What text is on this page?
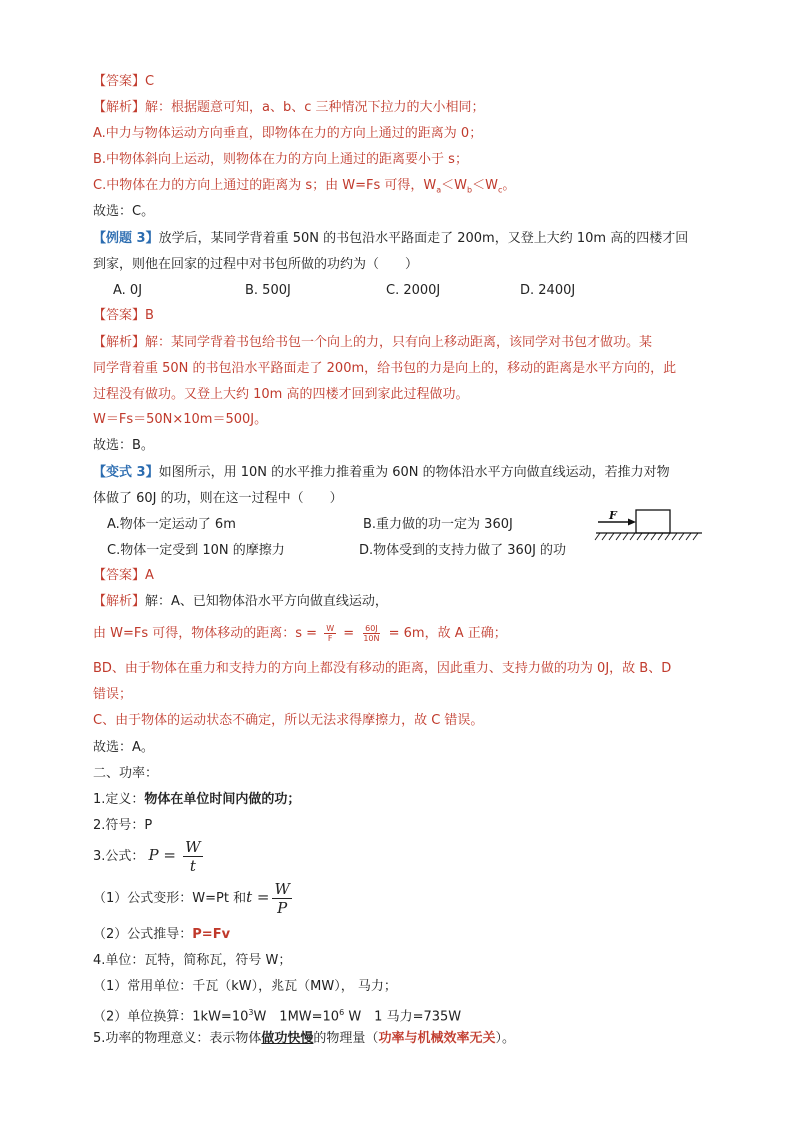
【答案】C
【解析】解：根据题意可知，a、b、c 三种情况下拉力的大小相同；
A.中力与物体运动方向垂直，即物体在力的方向上通过的距离为 0；
B.中物体斜向上运动，则物体在力的方向上通过的距离要小于 s；
C.中物体在力的方向上通过的距离为 s；由 W=Fs 可得，$W_a<W_b<W_c$。
故选：C。
【例题 3】放学后，某同学背着重 50N 的书包沿水平路面走了 200m，又登上大约 10m 高的四楼才回
到家，则他在回家的过程中对书包所做的功约为（　　）
A. 0J	B. 500J	C. 2000J	D. 2400J
【答案】B
【解析】解：某同学背着书包给书包一个向上的力，只有向上移动距离，该同学对书包才做功。某
同学背着重 50N 的书包沿水平路面走了 200m，给书包的力是向上的，移动的距离是水平方向的，此
过程没有做功。又登上大约 10m 高的四楼才回到家此过程做功。
W＝Fs＝50N×10m＝500J。
故选：B。
【变式 3】如图所示，用 10N 的水平推力推着重为 60N 的物体沿水平方向做直线运动，若推力对物
体做了 60J 的功，则在这一过程中（　　）
A.物体一定运动了 6m	B.重力做的功一定为 360J
C.物体一定受到 10N 的摩擦力	D.物体受到的支持力做了 360J 的功
F
【答案】A
【解析】解：A、已知物体沿水平方向做直线运动，
由 W=Fs 可得，物体移动的距离：$s = \frac{W}{F} = \frac{60J}{10N} = 6m$，故 A 正确；
BD、由于物体在重力和支持力的方向上都没有移动的距离，因此重力、支持力做的功为 0J，故 B、D
错误；
C、由于物体的运动状态不确定，所以无法求得摩擦力，故 C 错误。
故选：A。
二、功率：
1.定义：物体在单位时间内做的功；
2.符号：P
3.公式： $P = \frac{W}{t}$
（1）公式变形：W=Pt 和$t = \frac{W}{P}$
（2）公式推导：P=Fv
4.单位：瓦特，简称瓦，符号 W；
（1）常用单位：千瓦（kW），兆瓦（MW）， 马力；
（2）单位换算：$1kW=10^3W$　$1MW=10^6$ W　1 马力=735W
5.功率的物理意义：表示物体做功快慢的物理量（功率与机械效率无关）。
